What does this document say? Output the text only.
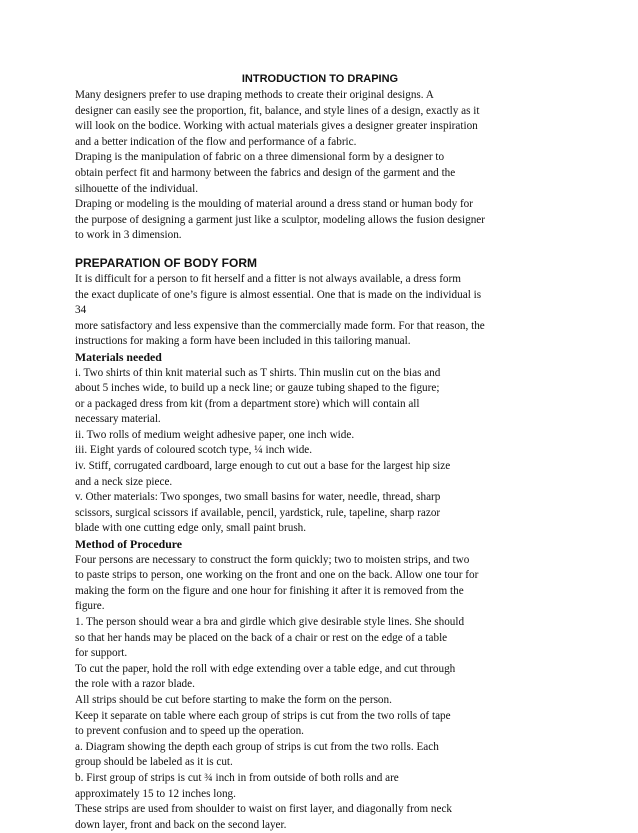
INTRODUCTION TO DRAPING
Many designers prefer to use draping methods to create their original designs. A
designer can easily see the proportion, fit, balance, and style lines of a design, exactly as it
will look on the bodice. Working with actual materials gives a designer greater inspiration
and a better indication of the flow and performance of a fabric.
Draping is the manipulation of fabric on a three dimensional form by a designer to
obtain perfect fit and harmony between the fabrics and design of the garment and the
silhouette of the individual.
Draping or modeling is the moulding of material around a dress stand or human body for
the purpose of designing a garment just like a sculptor, modeling allows the fusion designer
to work in 3 dimension.
PREPARATION OF BODY FORM
It is difficult for a person to fit herself and a fitter is not always available, a dress form
the exact duplicate of one’s figure is almost essential. One that is made on the individual is
34
more satisfactory and less expensive than the commercially made form. For that reason, the
instructions for making a form have been included in this tailoring manual.
Materials needed
i. Two shirts of thin knit material such as T shirts. Thin muslin cut on the bias and
about 5 inches wide, to build up a neck line; or gauze tubing shaped to the figure;
or a packaged dress from kit (from a department store) which will contain all
necessary material.
ii. Two rolls of medium weight adhesive paper, one inch wide.
iii. Eight yards of coloured scotch type, ¼ inch wide.
iv. Stiff, corrugated cardboard, large enough to cut out a base for the largest hip size
and a neck size piece.
v. Other materials: Two sponges, two small basins for water, needle, thread, sharp
scissors, surgical scissors if available, pencil, yardstick, rule, tapeline, sharp razor
blade with one cutting edge only, small paint brush.
Method of Procedure
Four persons are necessary to construct the form quickly; two to moisten strips, and two
to paste strips to person, one working on the front and one on the back. Allow one tour for
making the form on the figure and one hour for finishing it after it is removed from the
figure.
1. The person should wear a bra and girdle which give desirable style lines. She should
so that her hands may be placed on the back of a chair or rest on the edge of a table
for support.
To cut the paper, hold the roll with edge extending over a table edge, and cut through
the role with a razor blade.
All strips should be cut before starting to make the form on the person.
Keep it separate on table where each group of strips is cut from the two rolls of tape
to prevent confusion and to speed up the operation.
a. Diagram showing the depth each group of strips is cut from the two rolls. Each
group should be labeled as it is cut.
b. First group of strips is cut ¾ inch in from outside of both rolls and are
approximately 15 to 12 inches long.
These strips are used from shoulder to waist on first layer, and diagonally from neck
down layer, front and back on the second layer.
